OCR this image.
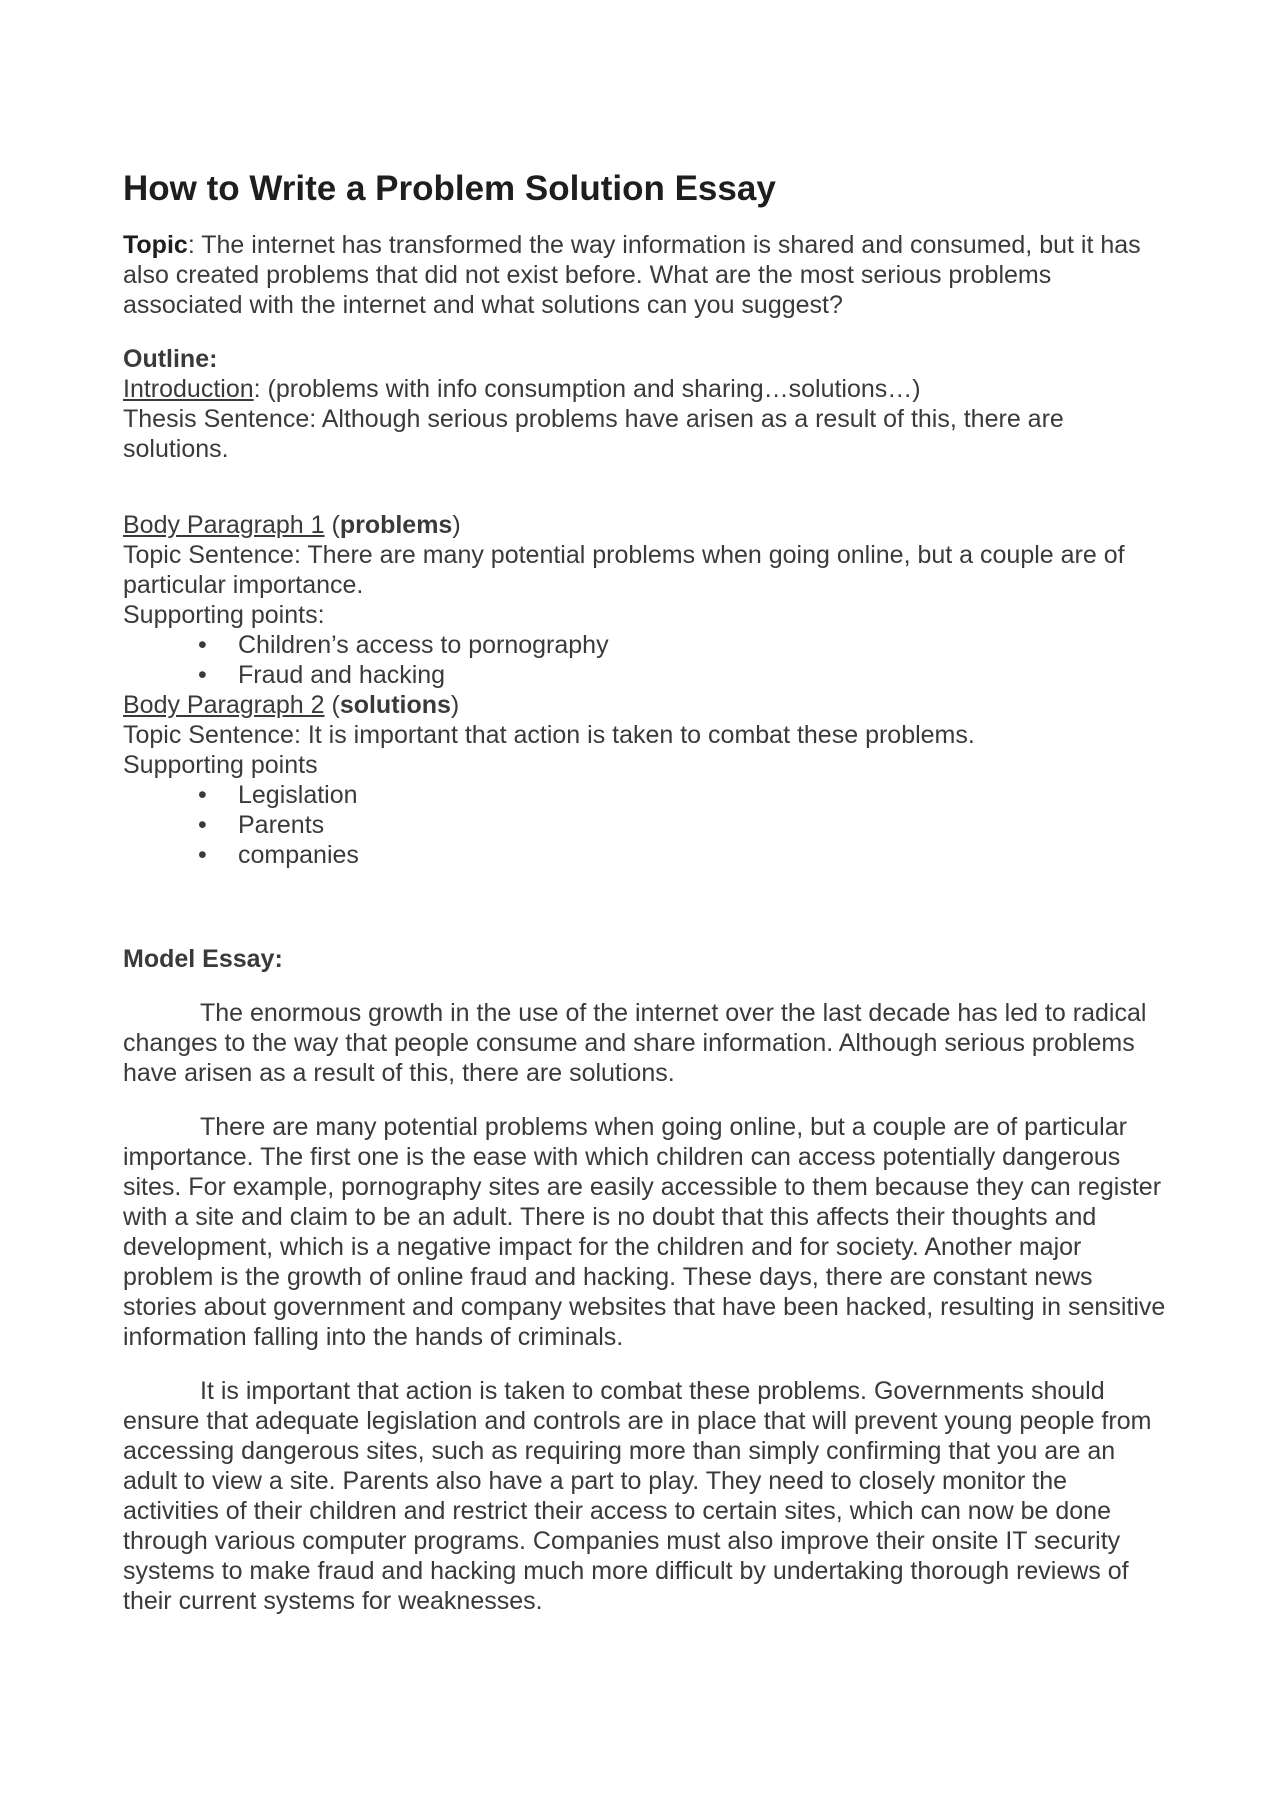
How to Write a Problem Solution Essay

Topic: The internet has transformed the way information is shared and consumed, but it has also created problems that did not exist before. What are the most serious problems associated with the internet and what solutions can you suggest?

Outline:

Introduction: (problems with info consumption and sharing…solutions…)

Thesis Sentence: Although serious problems have arisen as a result of this, there are solutions.

Body Paragraph 1 (problems)

Topic Sentence: There are many potential problems when going online, but a couple are of particular importance.

Supporting points:

• Children’s access to pornography
• Fraud and hacking

Body Paragraph 2 (solutions)

Topic Sentence: It is important that action is taken to combat these problems.

Supporting points

• Legislation
• Parents
• companies

Model Essay:

The enormous growth in the use of the internet over the last decade has led to radical changes to the way that people consume and share information. Although serious problems have arisen as a result of this, there are solutions.

There are many potential problems when going online, but a couple are of particular importance. The first one is the ease with which children can access potentially dangerous sites. For example, pornography sites are easily accessible to them because they can register with a site and claim to be an adult. There is no doubt that this affects their thoughts and development, which is a negative impact for the children and for society. Another major problem is the growth of online fraud and hacking. These days, there are constant news stories about government and company websites that have been hacked, resulting in sensitive information falling into the hands of criminals.

It is important that action is taken to combat these problems. Governments should ensure that adequate legislation and controls are in place that will prevent young people from accessing dangerous sites, such as requiring more than simply confirming that you are an adult to view a site. Parents also have a part to play. They need to closely monitor the activities of their children and restrict their access to certain sites, which can now be done through various computer programs. Companies must also improve their onsite IT security systems to make fraud and hacking much more difficult by undertaking thorough reviews of their current systems for weaknesses.
